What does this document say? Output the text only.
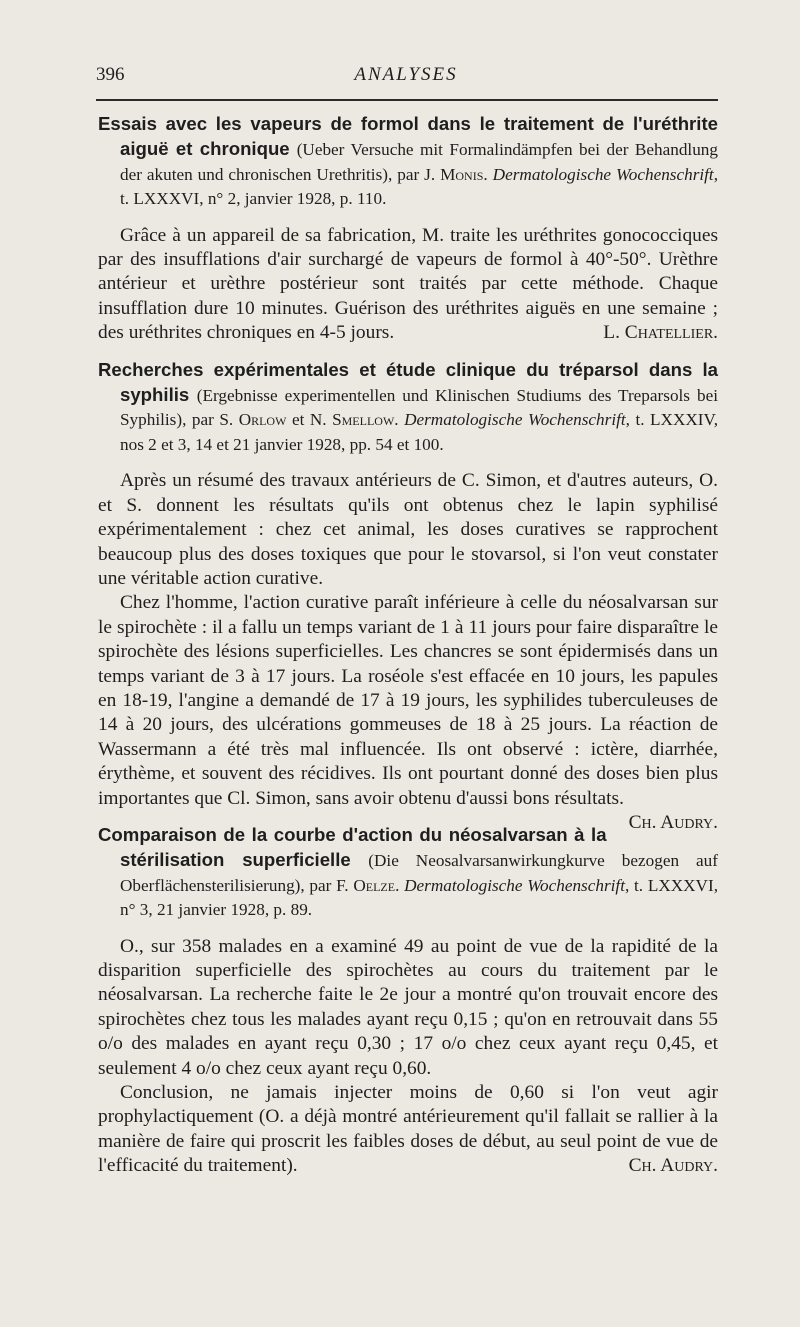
396	ANALYSES

Essais avec les vapeurs de formol dans le traitement de l'uréthrite aiguë et chronique (Ueber Versuche mit Formalindämpfen bei der Behandlung der akuten und chronischen Urethritis), par J. Monis. Dermatologische Wochenschrift, t. LXXXVI, n° 2, janvier 1928, p. 110.

Grâce à un appareil de sa fabrication, M. traite les uréthrites gonococciques par des insufflations d'air surchargé de vapeurs de formol à 40°-50°. Urèthre antérieur et urèthre postérieur sont traités par cette méthode. Chaque insufflation dure 10 minutes. Guérison des uréthrites aiguës en une semaine ; des uréthrites chroniques en 4-5 jours.	L. Chatellier.

Recherches expérimentales et étude clinique du tréparsol dans la syphilis (Ergebnisse experimentellen und Klinischen Studiums des Treparsols bei Syphilis), par S. Orlow et N. Smellow. Dermatologische Wochenschrift, t. LXXXIV, nos 2 et 3, 14 et 21 janvier 1928, pp. 54 et 100.

Après un résumé des travaux antérieurs de C. Simon, et d'autres auteurs, O. et S. donnent les résultats qu'ils ont obtenus chez le lapin syphilisé expérimentalement : chez cet animal, les doses curatives se rapprochent beaucoup plus des doses toxiques que pour le stovarsol, si l'on veut constater une véritable action curative.

Chez l'homme, l'action curative paraît inférieure à celle du néosalvarsan sur le spirochète : il a fallu un temps variant de 1 à 11 jours pour faire disparaître le spirochète des lésions superficielles. Les chancres se sont épidermisés dans un temps variant de 3 à 17 jours. La roséole s'est effacée en 10 jours, les papules en 18-19, l'angine a demandé de 17 à 19 jours, les syphilides tuberculeuses de 14 à 20 jours, des ulcérations gommeuses de 18 à 25 jours. La réaction de Wassermann a été très mal influencée. Ils ont observé : ictère, diarrhée, érythème, et souvent des récidives. Ils ont pourtant donné des doses bien plus importantes que Cl. Simon, sans avoir obtenu d'aussi bons résultats.
Ch. Audry.

Comparaison de la courbe d'action du néosalvarsan à la stérilisation superficielle (Die Neosalvarsanwirkungkurve bezogen auf Oberflächensterilisierung), par F. Oelze. Dermatologische Wochenschrift, t. LXXXVI, n° 3, 21 janvier 1928, p. 89.

O., sur 358 malades en a examiné 49 au point de vue de la rapidité de la disparition superficielle des spirochètes au cours du traitement par le néosalvarsan. La recherche faite le 2e jour a montré qu'on trouvait encore des spirochètes chez tous les malades ayant reçu 0,15 ; qu'on en retrouvait dans 55 o/o des malades en ayant reçu 0,30 ; 17 o/o chez ceux ayant reçu 0,45, et seulement 4 o/o chez ceux ayant reçu 0,60.

Conclusion, ne jamais injecter moins de 0,60 si l'on veut agir prophylactiquement (O. a déjà montré antérieurement qu'il fallait se rallier à la manière de faire qui proscrit les faibles doses de début, au seul point de vue de l'efficacité du traitement).	Ch. Audry.
